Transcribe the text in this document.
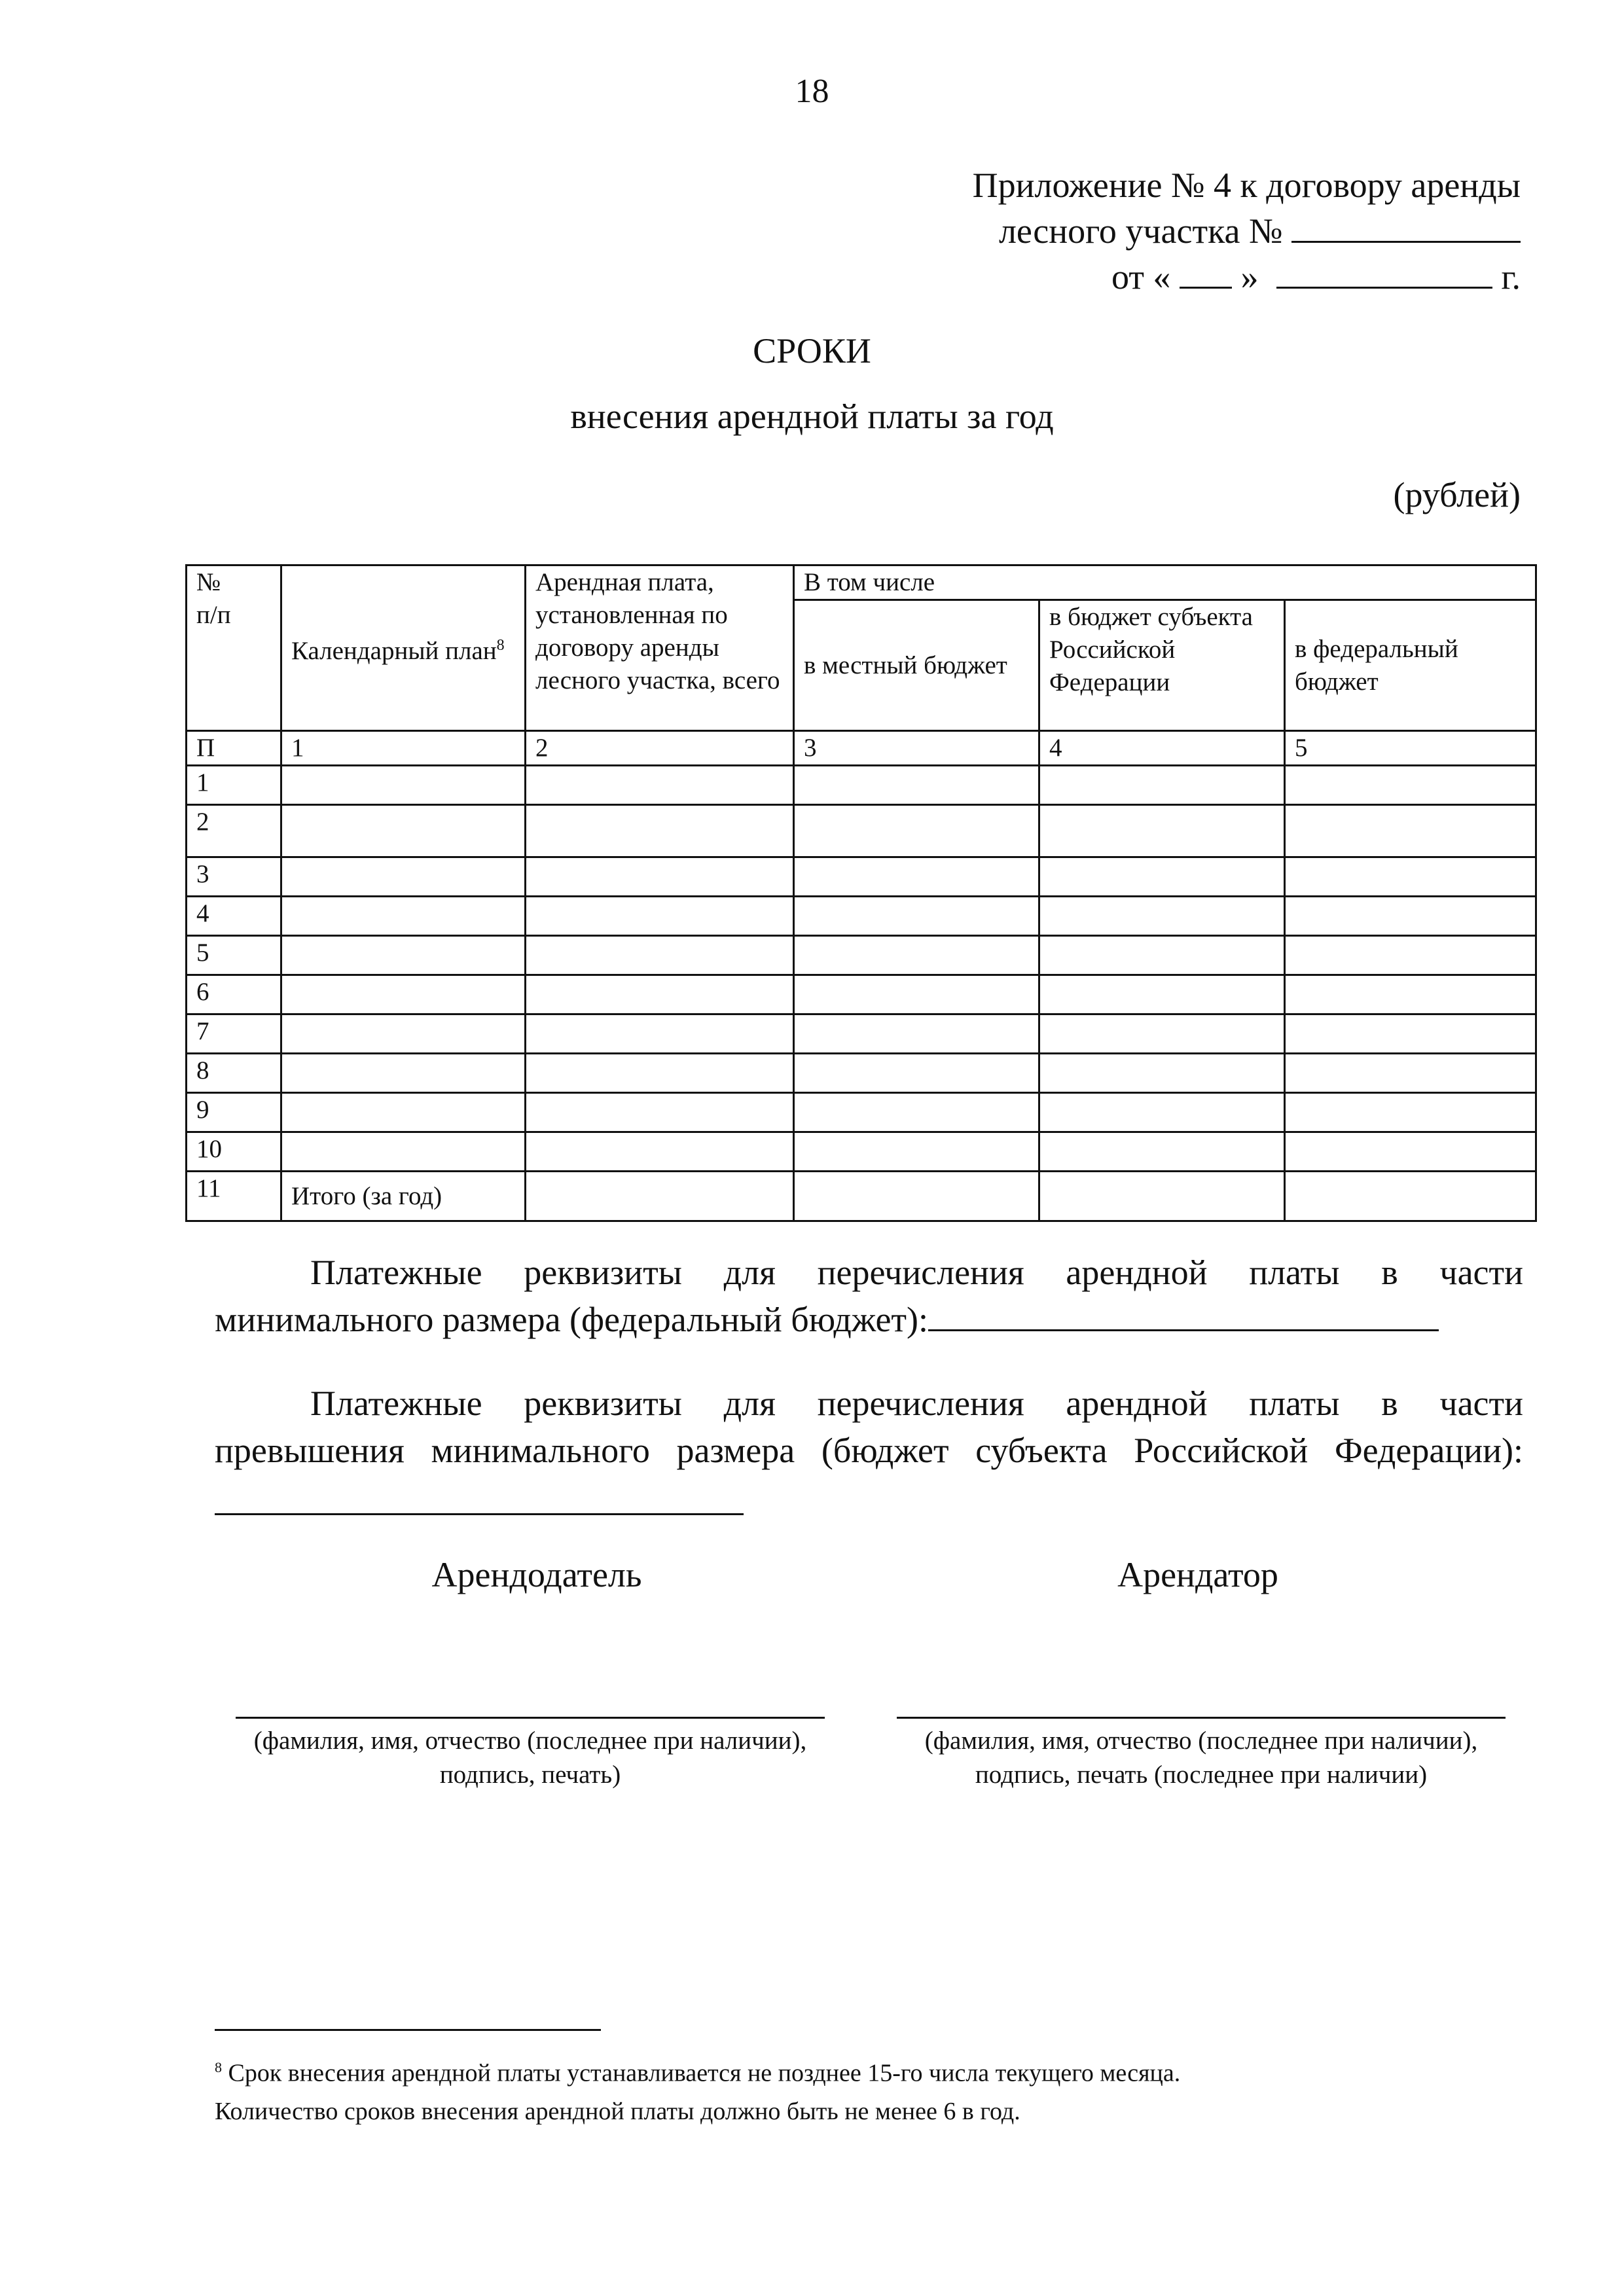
18
Приложение № 4 к договору аренды
лесного участка №
от « »	г.
СРОКИ
внесения арендной платы за год
(рублей)
№
п/п	Календарный план$^8$	Арендная плата, установленная по договору аренды лесного участка, всего	В том числе		
			в местный бюджет	в бюджет субъекта Российской Федерации	в федеральный бюджет
П	1	2	3	4	5
1					
2					
3					
4					
5					
6					
7					
8					
9					
10					
11	Итого (за год)				

Платежные реквизиты для перечисления арендной платы в части

минимального размера (федеральный бюджет):

Платежные реквизиты для перечисления арендной платы в части

превышения минимального размера (бюджет субъекта Российской Федерации):

Арендодатель	Арендатор
(фамилия, имя, отчество (последнее при наличии),
подпись, печать)
(фамилия, имя, отчество (последнее при наличии),
подпись, печать (последнее при наличии)
$^8$ Срок внесения арендной платы устанавливается не позднее 15-го числа текущего месяца.
Количество сроков внесения арендной платы должно быть не менее 6 в год.
